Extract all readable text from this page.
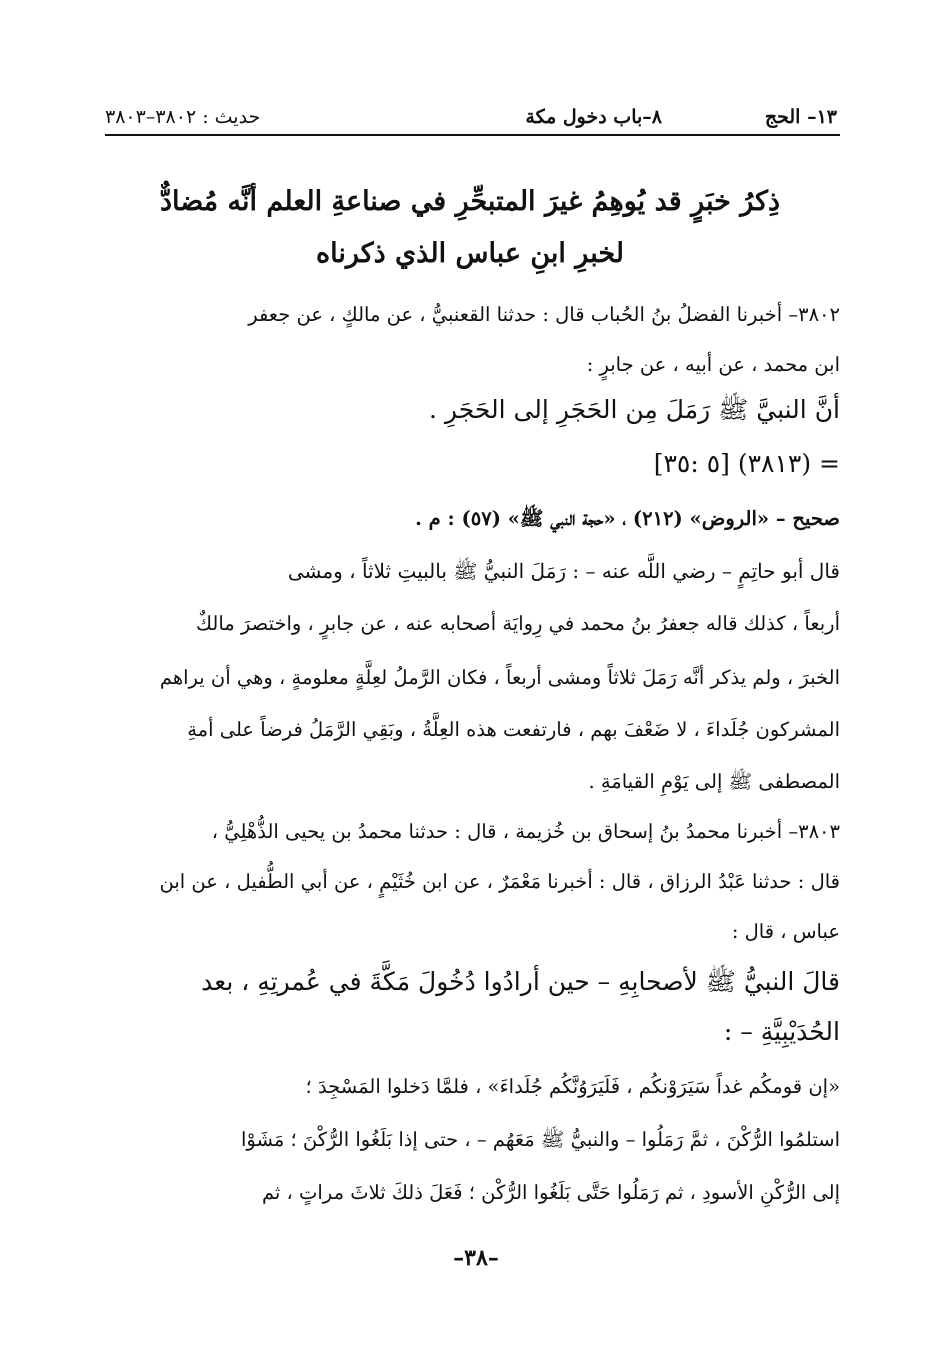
١٣– الحج
٨–باب دخول مكة
حديث : ٣٨٠٢–٣٨٠٣
ذِكرُ خبَرٍ قد يُوهِمُ غيرَ المتبحِّرِ في صناعةِ العلم أنَّه مُضادٌّ
لخبرِ ابنِ عباس الذي ذكرناه
٣٨٠٢– أخبرنا الفضلُ بنُ الحُباب قال : حدثنا القعنبيُّ ، عن مالكٍ ، عن جعفر
ابن محمد ، عن أبيه ، عن جابرٍ :
أنَّ النبيَّ ﷺ رَمَلَ مِن الحَجَرِ إلى الحَجَرِ .
= (٣٨١٣) [٥ :٣٥]
صحيح – «الروض» (٢١٢) ، «حجة النبي ﷺ» (٥٧) : م .
قال أبو حاتِمٍ – رضي اللَّه عنه – : رَمَلَ النبيُّ ﷺ بالبيتِ ثلاثاً ، ومشى
أربعاً ، كذلك قاله جعفرُ بنُ محمد في رِوايَة أصحابه عنه ، عن جابرٍ ، واختصرَ مالكٌ
الخبرَ ، ولم يذكر أنَّه رَمَلَ ثلاثاً ومشى أربعاً ، فكان الرَّملُ لعِلَّةٍ معلومةٍ ، وهي أن يراهم
المشركون جُلَداءَ ، لا ضَعْفَ بهم ، فارتفعت هذه العِلَّةُ ، وبَقِي الرَّمَلُ فرضاً على أمةِ
المصطفى ﷺ إلى يَوْمِ القيامَةِ .
٣٨٠٣– أخبرنا محمدُ بنُ إسحاق بن خُزيمة ، قال : حدثنا محمدُ بن يحيى الذُّهْلِيُّ ،
قال : حدثنا عَبْدُ الرزاق ، قال : أخبرنا مَعْمَرٌ ، عن ابن خُثَيْمٍ ، عن أبي الطُّفيل ، عن ابن
عباس ، قال :
قالَ النبيُّ ﷺ لأصحابِهِ – حين أرادُوا دُخُولَ مَكَّةَ في عُمرتِهِ ، بعد
الحُدَيْبِيَّةِ – :
«إن قومكُم غداً سَيَرَوْنكُم ، فَلَيَرَوُنَّكُم جُلَداءَ» ، فلمَّا دَخلوا المَسْجِدَ ؛
استلمُوا الرُّكْنَ ، ثمَّ رَمَلُوا – والنبيُّ ﷺ مَعَهُم – ، حتى إذا بَلَغُوا الرُّكْنَ ؛ مَشَوْا
إلى الرُّكْنِ الأسودِ ، ثم رَمَلُوا حَتَّى بَلَغُوا الرُّكْن ؛ فَعَلَ ذلكَ ثلاثَ مراتٍ ، ثم
–٣٨–
